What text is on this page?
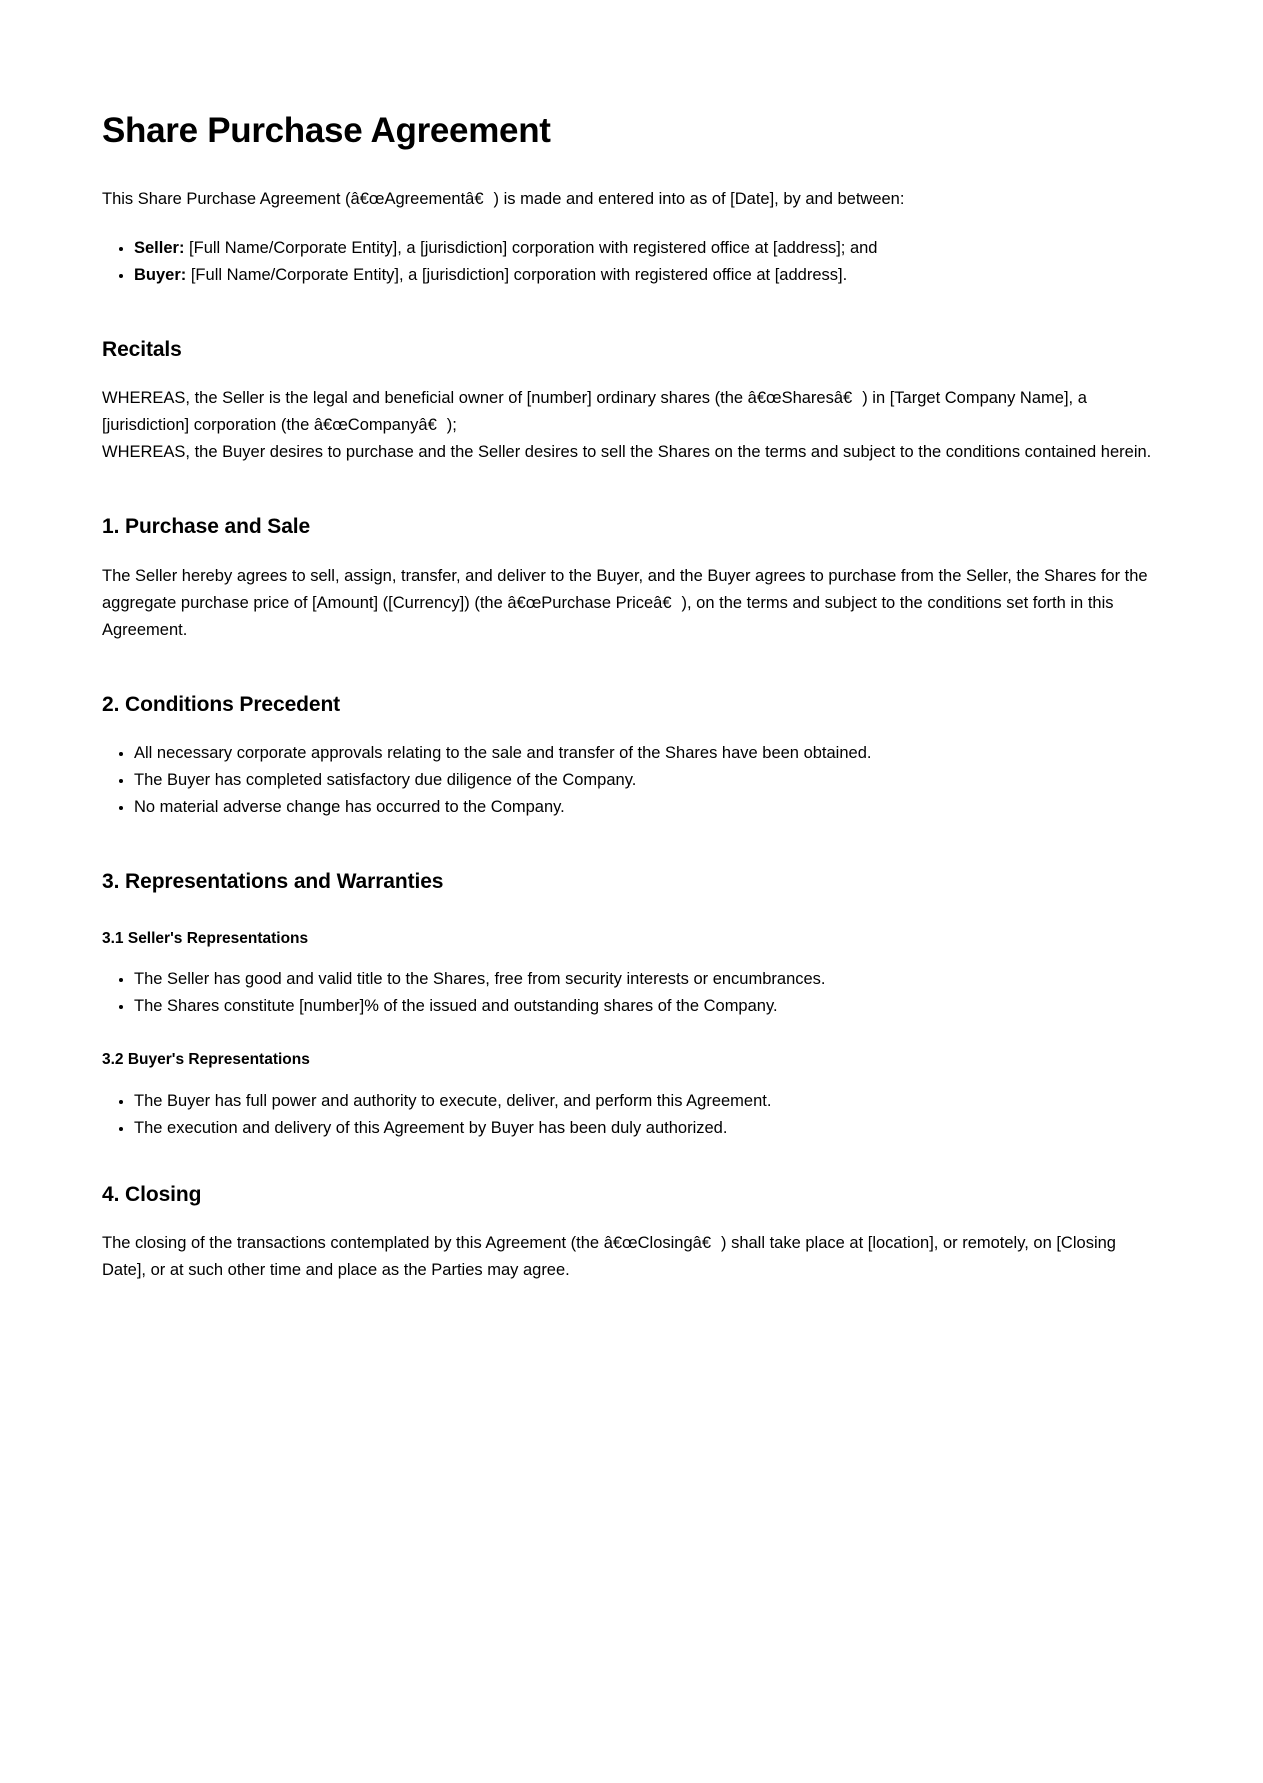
Share Purchase Agreement

This Share Purchase Agreement (â€œAgreementâ€) is made and entered into as of [Date], by and between:

• Seller: [Full Name/Corporate Entity], a [jurisdiction] corporation with registered office at [address]; and
• Buyer: [Full Name/Corporate Entity], a [jurisdiction] corporation with registered office at [address].
Recitals

WHEREAS, the Seller is the legal and beneficial owner of [number] ordinary shares (the â€œSharesâ€) in [Target Company Name], a [jurisdiction] corporation (the â€œCompanyâ€);
WHEREAS, the Buyer desires to purchase and the Seller desires to sell the Shares on the terms and subject to the conditions contained herein.

1. Purchase and Sale

The Seller hereby agrees to sell, assign, transfer, and deliver to the Buyer, and the Buyer agrees to purchase from the Seller, the Shares for the aggregate purchase price of [Amount] ([Currency]) (the â€œPurchase Priceâ€), on the terms and subject to the conditions set forth in this Agreement.

2. Conditions Precedent
• All necessary corporate approvals relating to the sale and transfer of the Shares have been obtained.
• The Buyer has completed satisfactory due diligence of the Company.
• No material adverse change has occurred to the Company.
3. Representations and Warranties
3.1 Seller's Representations
• The Seller has good and valid title to the Shares, free from security interests or encumbrances.
• The Shares constitute [number]% of the issued and outstanding shares of the Company.
3.2 Buyer's Representations
• The Buyer has full power and authority to execute, deliver, and perform this Agreement.
• The execution and delivery of this Agreement by Buyer has been duly authorized.
4. Closing

The closing of the transactions contemplated by this Agreement (the â€œClosingâ€) shall take place at [location], or remotely, on [Closing Date], or at such other time and place as the Parties may agree.
